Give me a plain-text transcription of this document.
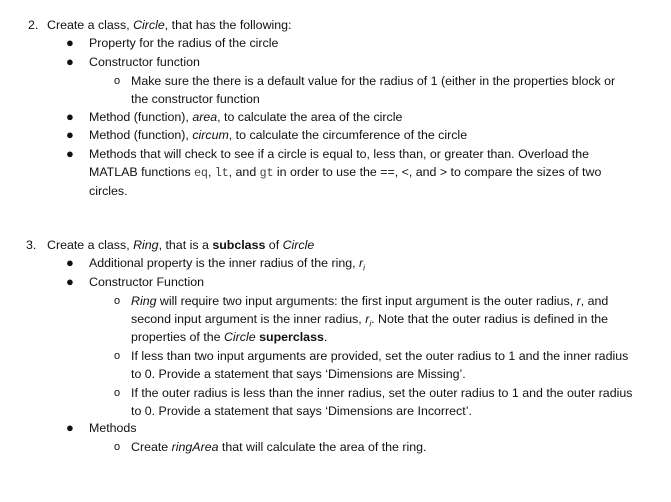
2. Create a class, Circle, that has the following:
● Property for the radius of the circle
● Constructor function
o Make sure the there is a default value for the radius of 1 (either in the properties block or
the constructor function
● Method (function), area, to calculate the area of the circle
● Method (function), circum, to calculate the circumference of the circle
● Methods that will check to see if a circle is equal to, less than, or greater than. Overload the
MATLAB functions eq, lt, and gt in order to use the ==, <, and > to compare the sizes of two
circles.
3. Create a class, Ring, that is a subclass of Circle
● Additional property is the inner radius of the ring, $r_i$
● Constructor Function
o Ring will require two input arguments: the first input argument is the outer radius, r, and
second input argument is the inner radius, $r_i$. Note that the outer radius is defined in the
properties of the Circle superclass.
o If less than two input arguments are provided, set the outer radius to 1 and the inner radius
to 0. Provide a statement that says ‘Dimensions are Missing’.
o If the outer radius is less than the inner radius, set the outer radius to 1 and the outer radius
to 0. Provide a statement that says ‘Dimensions are Incorrect’.
● Methods
o Create ringArea that will calculate the area of the ring.
